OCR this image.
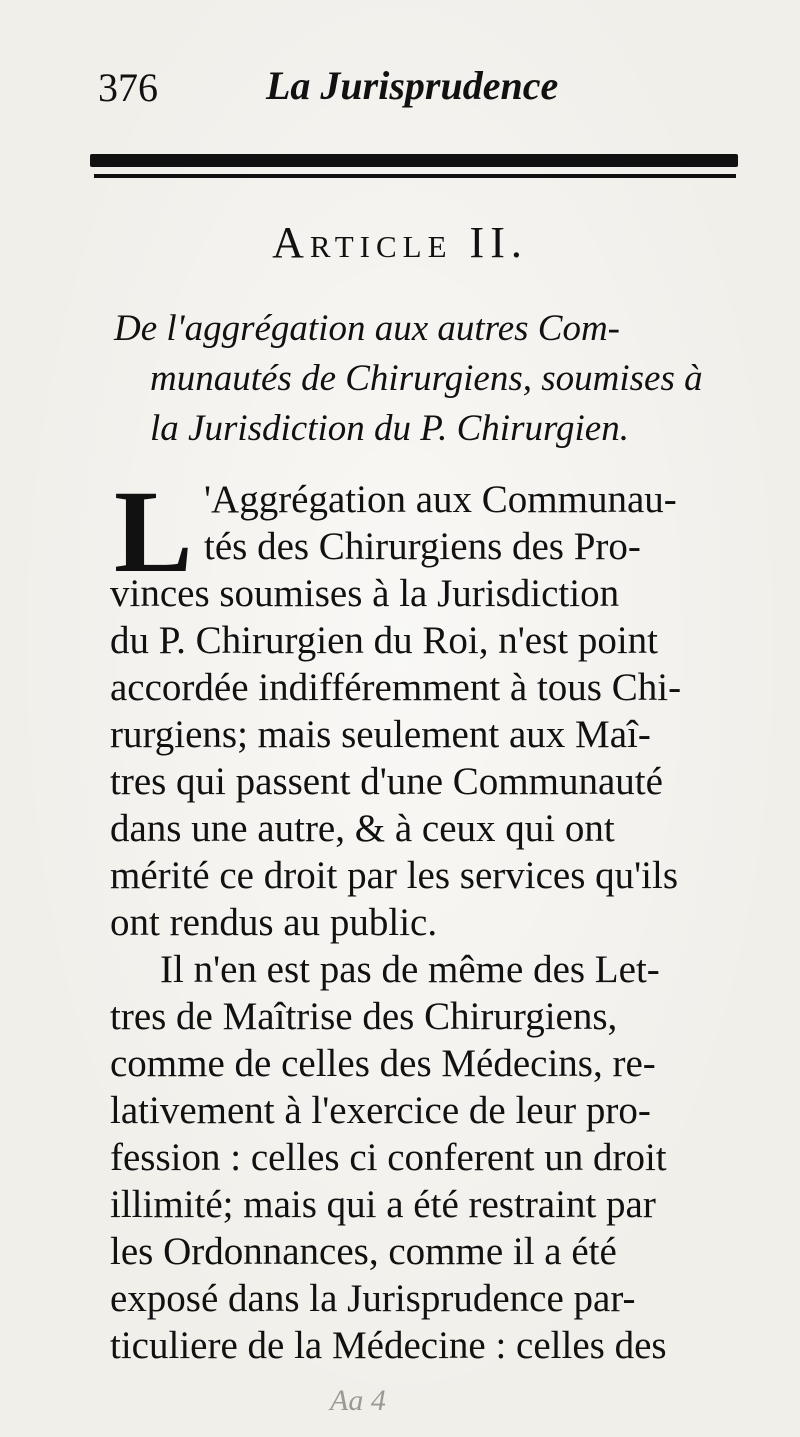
376	La Jurisprudence
Article II.
De l'aggrégation aux autres Com-
munautés de Chirurgiens, soumises à
la Jurisdiction du P. Chirurgien.
L 'Aggrégation aux Communau-
tés des Chirurgiens des Pro-
vinces soumises à la Jurisdiction
du P. Chirurgien du Roi, n'est point
accordée indifféremment à tous Chi-
rurgiens; mais seulement aux Maî-
tres qui passent d'une Communauté
dans une autre, & à ceux qui ont
mérité ce droit par les services qu'ils
ont rendus au public.
Il n'en est pas de même des Let-
tres de Maîtrise des Chirurgiens,
comme de celles des Médecins, re-
lativement à l'exercice de leur pro-
fession : celles ci conferent un droit
illimité; mais qui a été restraint par
les Ordonnances, comme il a été
exposé dans la Jurisprudence par-
ticuliere de la Médecine : celles des
Aa 4
